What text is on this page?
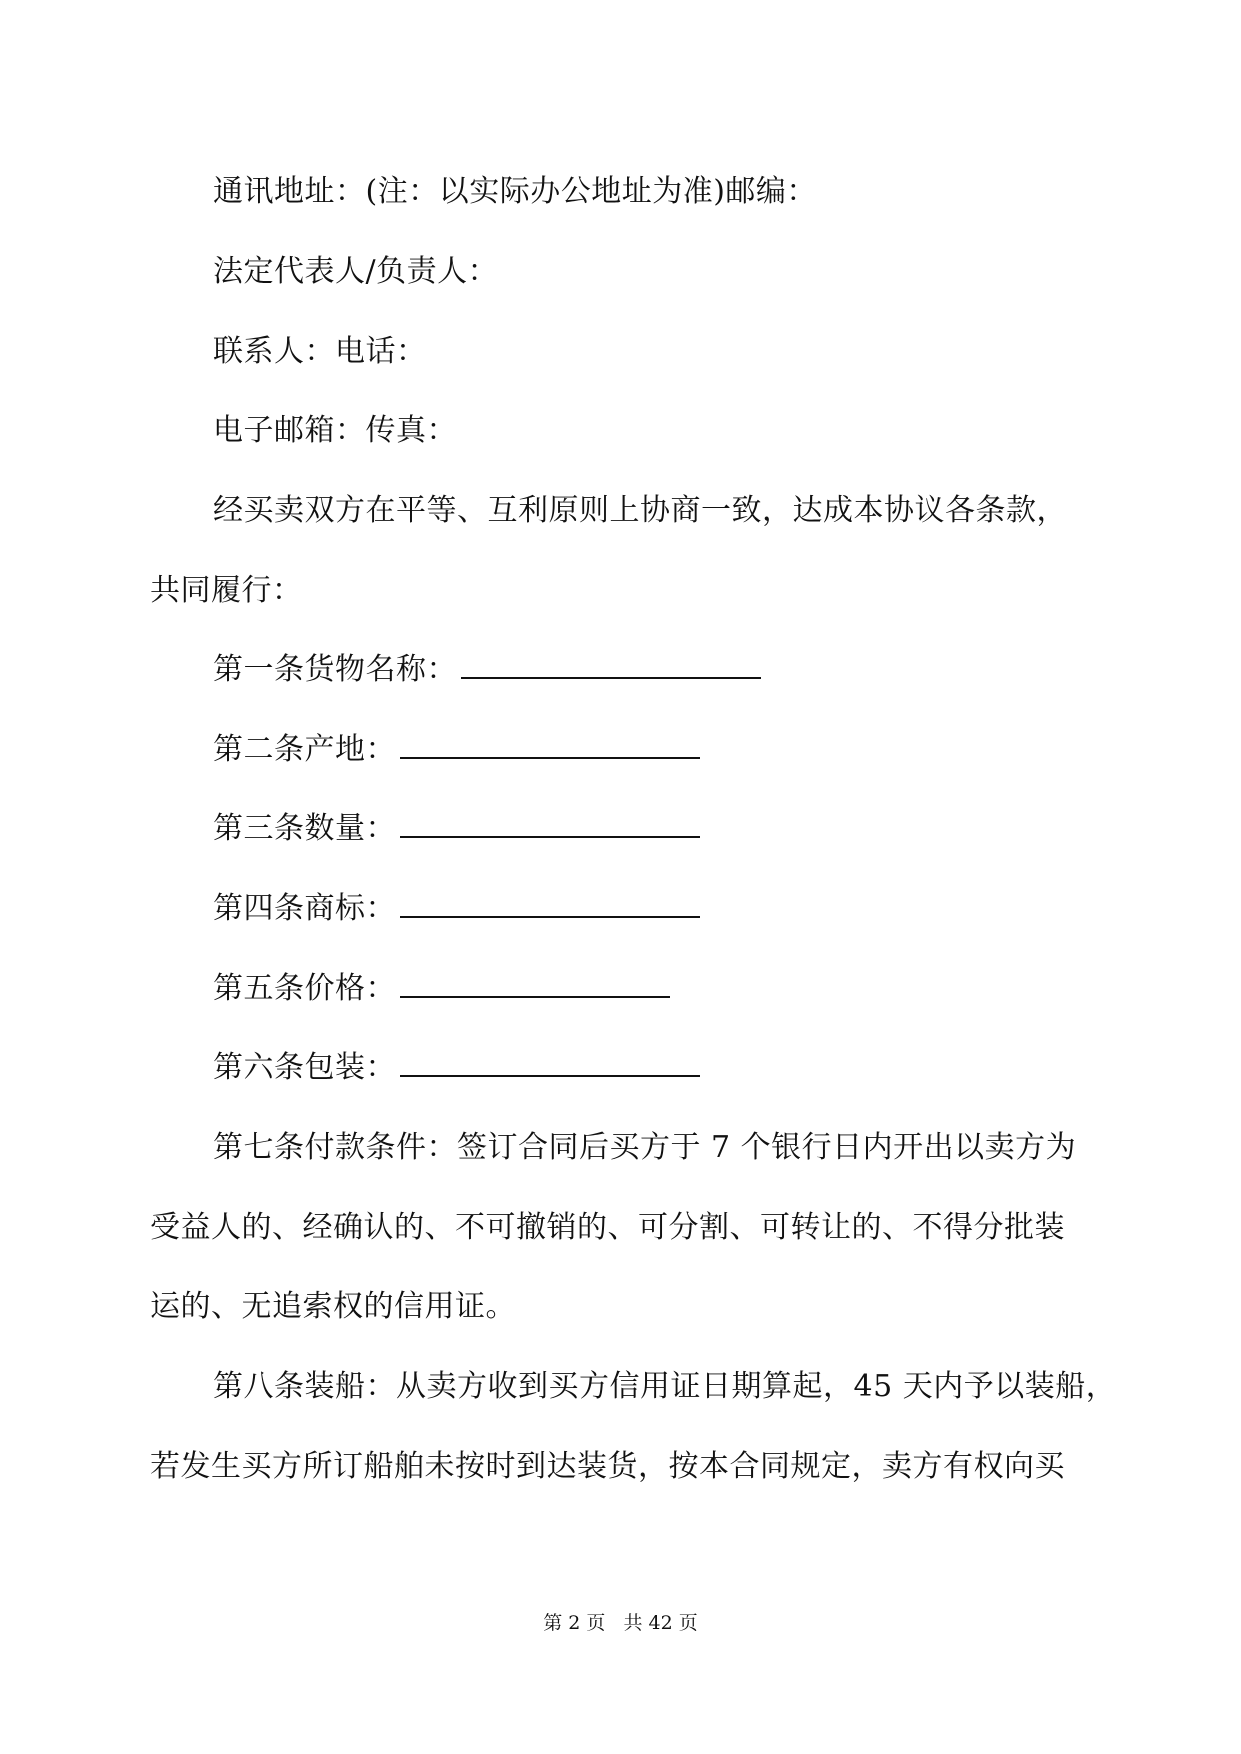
通讯地址：(注：以实际办公地址为准)邮编：
法定代表人/负责人：
联系人：电话：
电子邮箱：传真：
经买卖双方在平等、互利原则上协商一致，达成本协议各条款，
共同履行：
第一条货物名称：
第二条产地：
第三条数量：
第四条商标：
第五条价格：
第六条包装：
第七条付款条件：签订合同后买方于 7 个银行日内开出以卖方为
受益人的、经确认的、不可撤销的、可分割、可转让的、不得分批装
运的、无追索权的信用证。
第八条装船：从卖方收到买方信用证日期算起，45 天内予以装船，
若发生买方所订船舶未按时到达装货，按本合同规定，卖方有权向买
第 2 页 共 42 页
